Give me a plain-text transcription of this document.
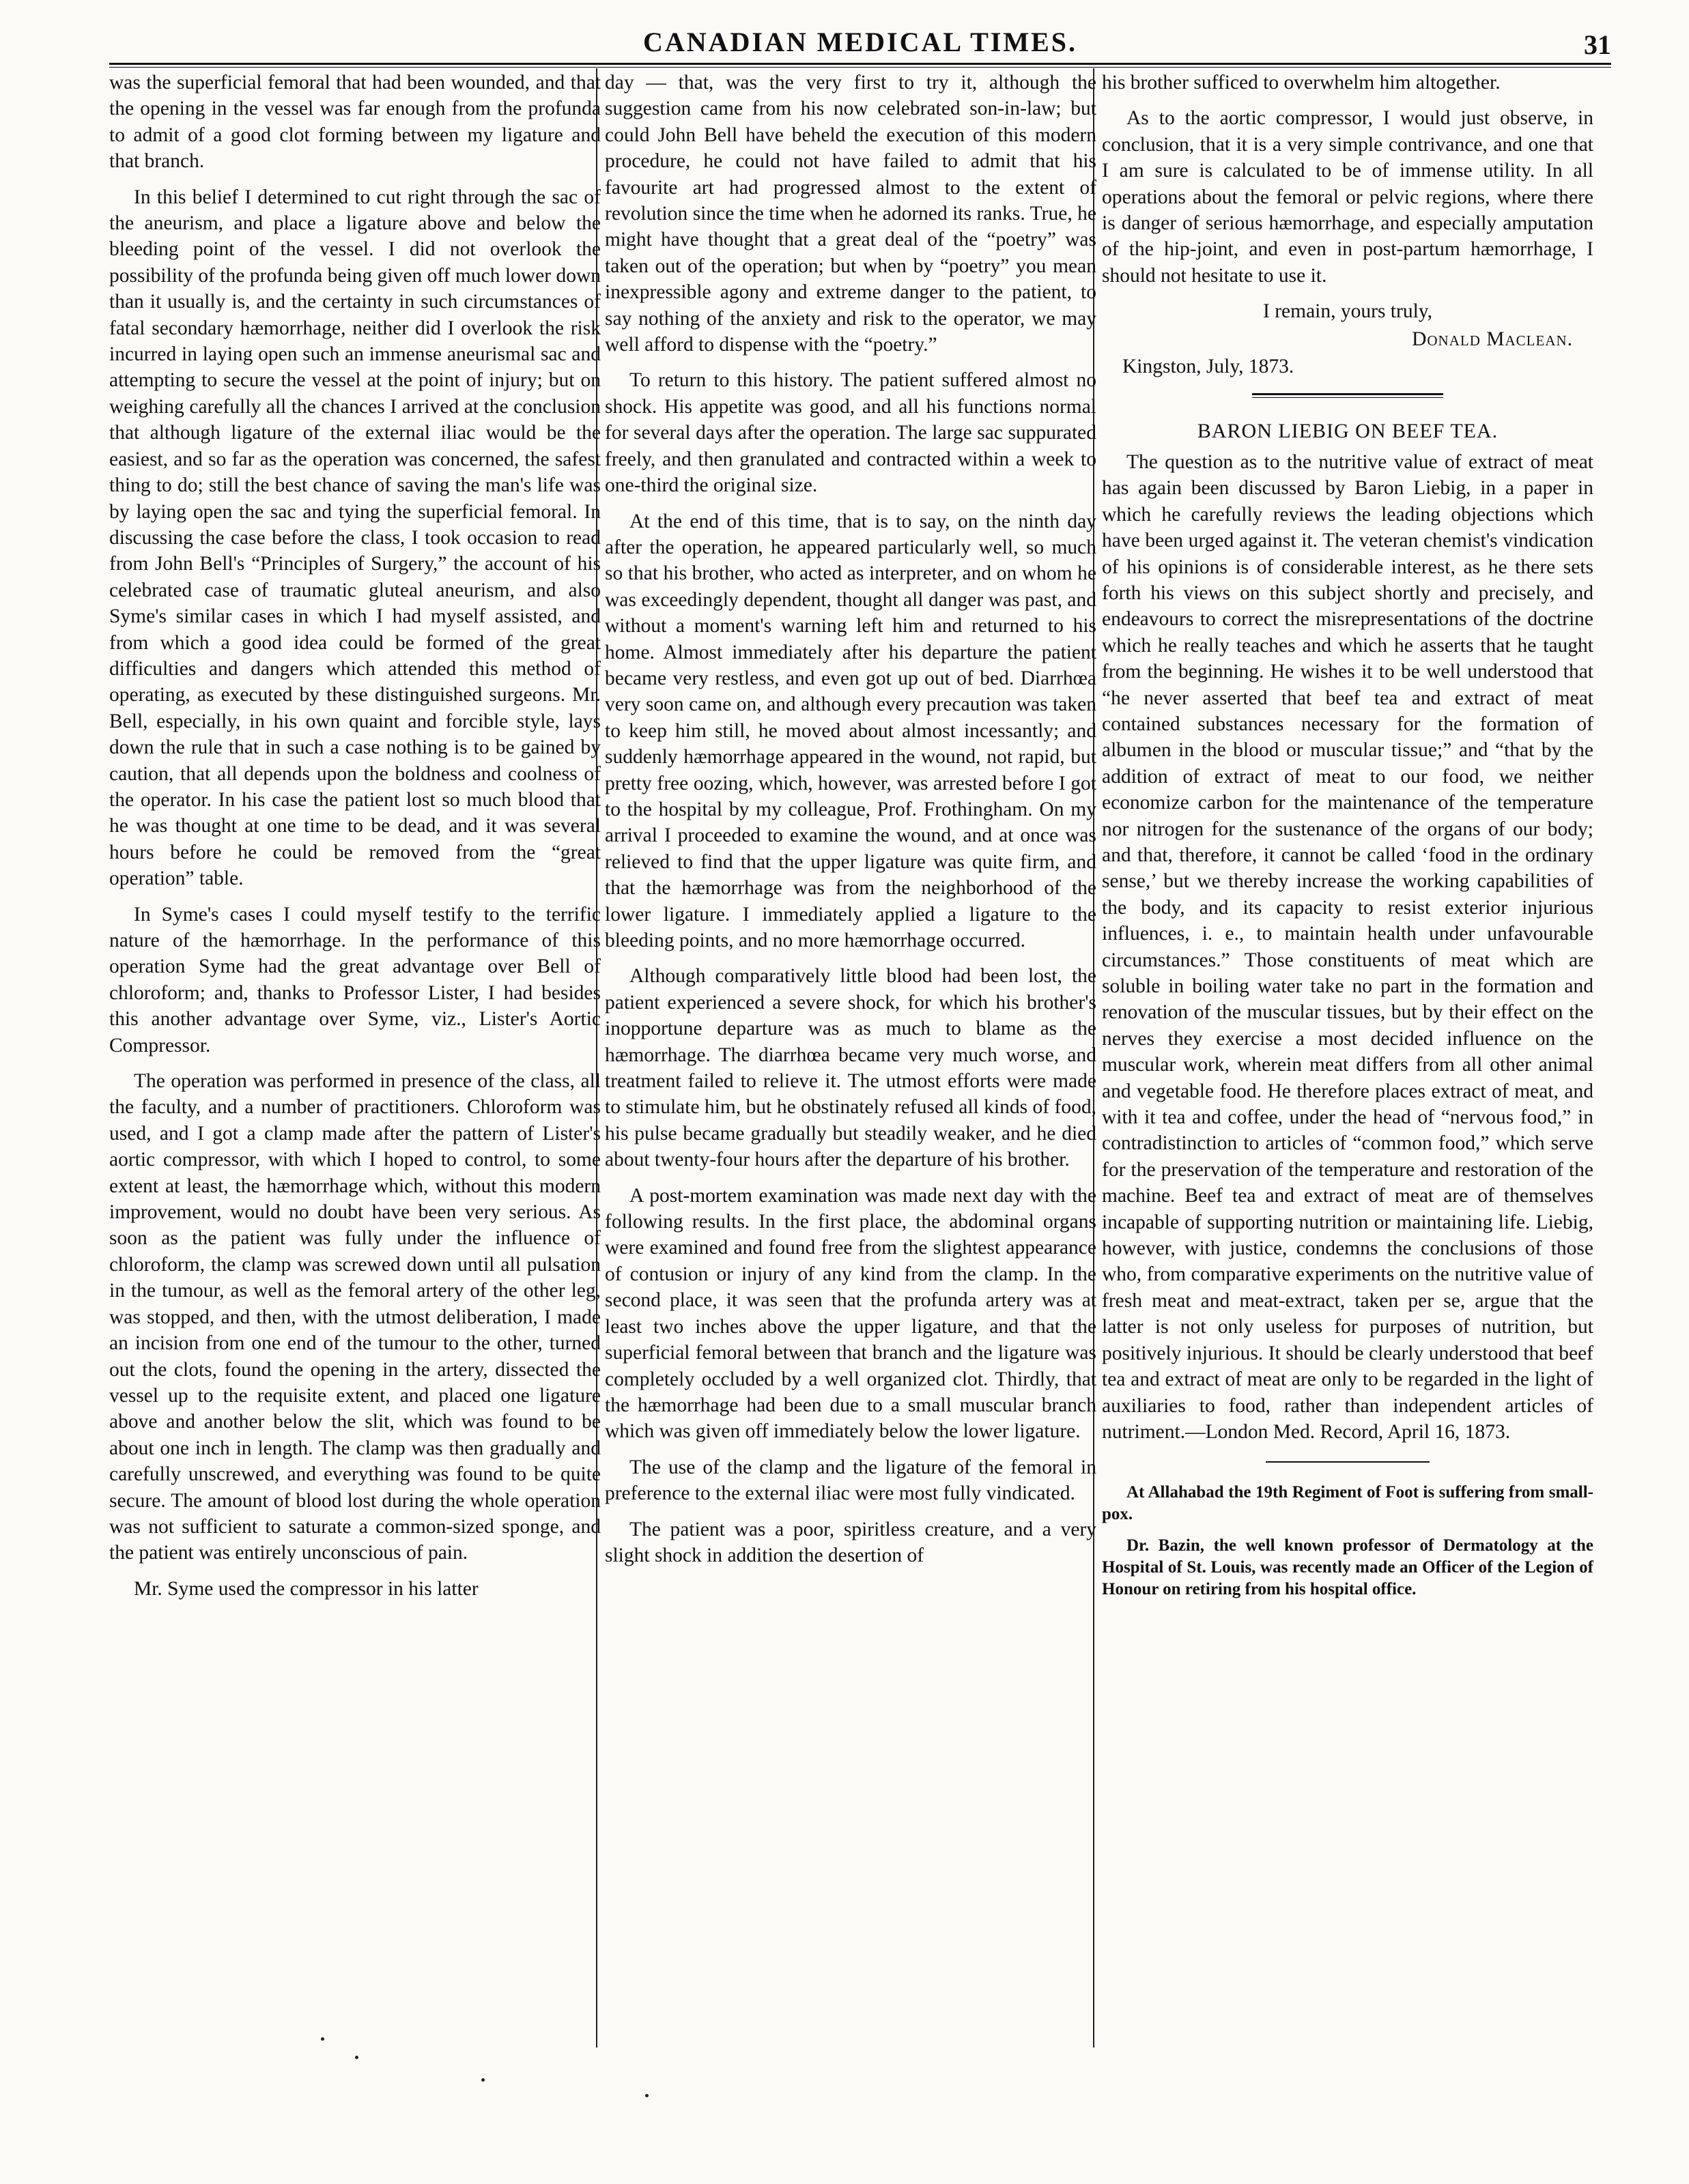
CANADIAN MEDICAL TIMES.	31

was the superficial femoral that had been wounded, and that the opening in the vessel was far enough from the profunda to admit of a good clot forming between my ligature and that branch.

In this belief I determined to cut right through the sac of the aneurism, and place a ligature above and below the bleeding point of the vessel. I did not overlook the possibility of the profunda being given off much lower down than it usually is, and the certainty in such circumstances of fatal secondary hæmorrhage, neither did I overlook the risk incurred in laying open such an immense aneurismal sac and attempting to secure the vessel at the point of injury; but on weighing carefully all the chances I arrived at the conclusion that although ligature of the external iliac would be the easiest, and so far as the operation was concerned, the safest thing to do; still the best chance of saving the man's life was by laying open the sac and tying the superficial femoral. In discussing the case before the class, I took occasion to read from John Bell's “Principles of Surgery,” the account of his celebrated case of traumatic gluteal aneurism, and also Syme's similar cases in which I had myself assisted, and from which a good idea could be formed of the great difficulties and dangers which attended this method of operating, as executed by these distinguished surgeons. Mr. Bell, especially, in his own quaint and forcible style, lays down the rule that in such a case nothing is to be gained by caution, that all depends upon the boldness and coolness of the operator. In his case the patient lost so much blood that he was thought at one time to be dead, and it was several hours before he could be removed from the “great operation” table.

In Syme's cases I could myself testify to the terrific nature of the hæmorrhage. In the performance of this operation Syme had the great advantage over Bell of chloroform; and, thanks to Professor Lister, I had besides this another advantage over Syme, viz., Lister's Aortic Compressor.

The operation was performed in presence of the class, all the faculty, and a number of practitioners. Chloroform was used, and I got a clamp made after the pattern of Lister's aortic compressor, with which I hoped to control, to some extent at least, the hæmorrhage which, without this modern improvement, would no doubt have been very serious. As soon as the patient was fully under the influence of chloroform, the clamp was screwed down until all pulsation in the tumour, as well as the femoral artery of the other leg, was stopped, and then, with the utmost deliberation, I made an incision from one end of the tumour to the other, turned out the clots, found the opening in the artery, dissected the vessel up to the requisite extent, and placed one ligature above and another below the slit, which was found to be about one inch in length. The clamp was then gradually and carefully unscrewed, and everything was found to be quite secure. The amount of blood lost during the whole operation was not sufficient to saturate a common-sized sponge, and the patient was entirely unconscious of pain.

Mr. Syme used the compressor in his latter

day — that, was the very first to try it, although the suggestion came from his now celebrated son-in-law; but could John Bell have beheld the execution of this modern procedure, he could not have failed to admit that his favourite art had progressed almost to the extent of revolution since the time when he adorned its ranks. True, he might have thought that a great deal of the “poetry” was taken out of the operation; but when by “poetry” you mean inexpressible agony and extreme danger to the patient, to say nothing of the anxiety and risk to the operator, we may well afford to dispense with the “poetry.”

To return to this history. The patient suffered almost no shock. His appetite was good, and all his functions normal for several days after the operation. The large sac suppurated freely, and then granulated and contracted within a week to one-third the original size.

At the end of this time, that is to say, on the ninth day after the operation, he appeared particularly well, so much so that his brother, who acted as interpreter, and on whom he was exceedingly dependent, thought all danger was past, and without a moment's warning left him and returned to his home. Almost immediately after his departure the patient became very restless, and even got up out of bed. Diarrhœa very soon came on, and although every precaution was taken to keep him still, he moved about almost incessantly; and suddenly hæmorrhage appeared in the wound, not rapid, but pretty free oozing, which, however, was arrested before I got to the hospital by my colleague, Prof. Frothingham. On my arrival I proceeded to examine the wound, and at once was relieved to find that the upper ligature was quite firm, and that the hæmorrhage was from the neighborhood of the lower ligature. I immediately applied a ligature to the bleeding points, and no more hæmorrhage occurred.

Although comparatively little blood had been lost, the patient experienced a severe shock, for which his brother's inopportune departure was as much to blame as the hæmorrhage. The diarrhœa became very much worse, and treatment failed to relieve it. The utmost efforts were made to stimulate him, but he obstinately refused all kinds of food, his pulse became gradually but steadily weaker, and he died about twenty-four hours after the departure of his brother.

A post-mortem examination was made next day with the following results. In the first place, the abdominal organs were examined and found free from the slightest appearance of contusion or injury of any kind from the clamp. In the second place, it was seen that the profunda artery was at least two inches above the upper ligature, and that the superficial femoral between that branch and the ligature was completely occluded by a well organized clot. Thirdly, that the hæmorrhage had been due to a small muscular branch which was given off immediately below the lower ligature.

The use of the clamp and the ligature of the femoral in preference to the external iliac were most fully vindicated.

The patient was a poor, spiritless creature, and a very slight shock in addition the desertion of

his brother sufficed to overwhelm him altogether.

As to the aortic compressor, I would just observe, in conclusion, that it is a very simple contrivance, and one that I am sure is calculated to be of immense utility. In all operations about the femoral or pelvic regions, where there is danger of serious hæmorrhage, and especially amputation of the hip-joint, and even in post-partum hæmorrhage, I should not hesitate to use it.

I remain, yours truly,
Donald Maclean.
Kingston, July, 1873.
BARON LIEBIG ON BEEF TEA.

The question as to the nutritive value of extract of meat has again been discussed by Baron Liebig, in a paper in which he carefully reviews the leading objections which have been urged against it. The veteran chemist's vindication of his opinions is of considerable interest, as he there sets forth his views on this subject shortly and precisely, and endeavours to correct the misrepresentations of the doctrine which he really teaches and which he asserts that he taught from the beginning. He wishes it to be well understood that “he never asserted that beef tea and extract of meat contained substances necessary for the formation of albumen in the blood or muscular tissue;” and “that by the addition of extract of meat to our food, we neither economize carbon for the maintenance of the temperature nor nitrogen for the sustenance of the organs of our body; and that, therefore, it cannot be called ‘food in the ordinary sense,’ but we thereby increase the working capabilities of the body, and its capacity to resist exterior injurious influences, i. e., to maintain health under unfavourable circumstances.” Those constituents of meat which are soluble in boiling water take no part in the formation and renovation of the muscular tissues, but by their effect on the nerves they exercise a most decided influence on the muscular work, wherein meat differs from all other animal and vegetable food. He therefore places extract of meat, and with it tea and coffee, under the head of “nervous food,” in contradistinction to articles of “common food,” which serve for the preservation of the temperature and restoration of the machine. Beef tea and extract of meat are of themselves incapable of supporting nutrition or maintaining life. Liebig, however, with justice, condemns the conclusions of those who, from comparative experiments on the nutritive value of fresh meat and meat-extract, taken per se, argue that the latter is not only useless for purposes of nutrition, but positively injurious. It should be clearly understood that beef tea and extract of meat are only to be regarded in the light of auxiliaries to food, rather than independent articles of nutriment.—London Med. Record, April 16, 1873.

At Allahabad the 19th Regiment of Foot is suffering from small-pox.

Dr. Bazin, the well known professor of Dermatology at the Hospital of St. Louis, was recently made an Officer of the Legion of Honour on retiring from his hospital office.
